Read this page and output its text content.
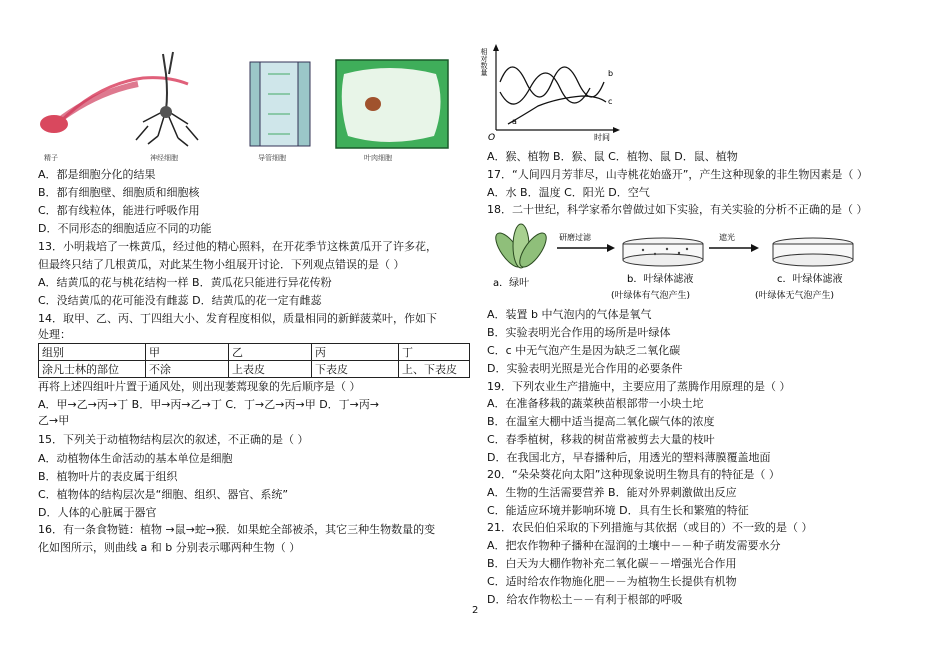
精子	神经细胞	导管细胞	叶肉细胞
A．都是细胞分化的结果
B．都有细胞壁、细胞质和细胞核
C．都有线粒体，能进行呼吸作用
D．不同形态的细胞适应不同的功能
13．小明栽培了一株黄瓜，经过他的精心照料，在开花季节这株黄瓜开了许多花，
但最终只结了几根黄瓜，对此某生物小组展开讨论．下列观点错误的是（ ）
A．结黄瓜的花与桃花结构一样 B．黄瓜花只能进行异花传粉
C．没结黄瓜的花可能没有雌蕊 D．结黄瓜的花一定有雌蕊
14．取甲、乙、丙、丁四组大小、发育程度相似，质量相同的新鲜菠菜叶，作如下
处理：
组别	甲	乙	丙	丁
涂凡士林的部位	不涂	上表皮	下表皮	上、下表皮
再将上述四组叶片置于通风处，则出现萎蔫现象的先后顺序是（ ）
A．甲→乙→丙→丁 B．甲→丙→乙→丁 C．丁→乙→丙→甲 D．丁→丙→
乙→甲
15．下列关于动植物结构层次的叙述，不正确的是（ ）
A．动植物体生命活动的基本单位是细胞
B．植物叶片的表皮属于组织
C．植物体的结构层次是“细胞、组织、器官、系统”
D．人体的心脏属于器官
16．有一条食物链：植物 →鼠→蛇→猴．如果蛇全部被杀，其它三种生物数量的变
化如图所示，则曲线 a 和 b 分别表示哪两种生物（ ）
相对数量
O	时间
a
b
c
A．猴、植物 B．猴、鼠 C．植物、鼠 D．鼠、植物
17．“人间四月芳菲尽，山寺桃花始盛开”，产生这种现象的非生物因素是（ ）
A．水 B．温度 C．阳光 D．空气
18．二十世纪，科学家希尔曾做过如下实验，有关实验的分析不正确的是（ ）
a．绿叶
研磨过滤
b．叶绿体滤液
(叶绿体有气泡产生)
遮光
c．叶绿体滤液
(叶绿体无气泡产生)
A．装置 b 中气泡内的气体是氧气
B．实验表明光合作用的场所是叶绿体
C．c 中无气泡产生是因为缺乏二氧化碳
D．实验表明光照是光合作用的必要条件
19．下列农业生产措施中，主要应用了蒸腾作用原理的是（ ）
A．在准备移栽的蔬菜秧苗根部带一小块土坨
B．在温室大棚中适当提高二氧化碳气体的浓度
C．春季植树，移栽的树苗常被剪去大量的枝叶
D．在我国北方，早春播种后，用透光的塑料薄膜覆盖地面
20．“朵朵葵花向太阳”这种现象说明生物具有的特征是（ ）
A．生物的生活需要营养 B．能对外界刺激做出反应
C．能适应环境并影响环境 D．具有生长和繁殖的特征
21．农民伯伯采取的下列措施与其依据（或目的）不一致的是（ ）
A．把农作物种子播种在湿润的土壤中－－种子萌发需要水分
B．白天为大棚作物补充二氧化碳－－增强光合作用
C．适时给农作物施化肥－－为植物生长提供有机物
D．给农作物松土－－有利于根部的呼吸
2
